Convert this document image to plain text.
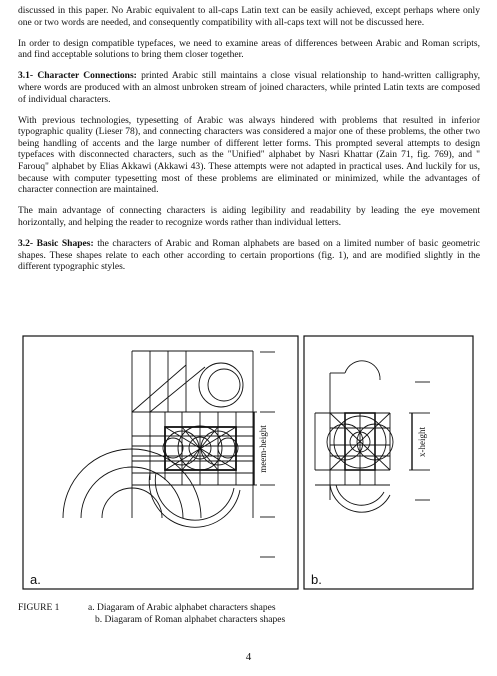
discussed in this paper. No Arabic equivalent to all-caps Latin text can be easily achieved, except perhaps where only one or two words are needed, and consequently compatibility with all-caps text will not be discussed here.

In order to design compatible typefaces, we need to examine areas of differences between Arabic and Roman scripts, and find acceptable solutions to bring them closer together.

3.1- Character Connections: printed Arabic still maintains a close visual relationship to hand-written calligraphy, where words are produced with an almost unbroken stream of joined characters, while printed Latin texts are composed of individual characters.

With previous technologies, typesetting of Arabic was always hindered with problems that resulted in inferior typographic quality (Lieser 78), and connecting characters was considered a major one of these problems, the other two being handling of accents and the large number of different letter forms. This prompted several attempts to design typefaces with disconnected characters, such as the "Unified" alphabet by Nasri Khattar (Zain 71, fig. 769), and " Farouq" alphabet by Elias Akkawi (Akkawi 43). These attempts were not adapted in practical uses. And luckily for us, because with computer typesetting most of these problems are eliminated or minimized, while the advantages of character connection are maintained.

The main advantage of connecting characters is aiding legibility and readability by leading the eye movement horizontally, and helping the reader to recognize words rather than individual letters.

3.2- Basic Shapes: the characters of Arabic and Roman alphabets are based on a limited number of basic geometric shapes. These shapes relate to each other according to certain proportions (fig. 1), and are modified slightly in the different typographic styles.

meem-height
a.
x-height
b.
FIGURE 1	a. Diagaram of Arabic alphabet characters shapes
b. Diagaram of Roman alphabet characters shapes
4
